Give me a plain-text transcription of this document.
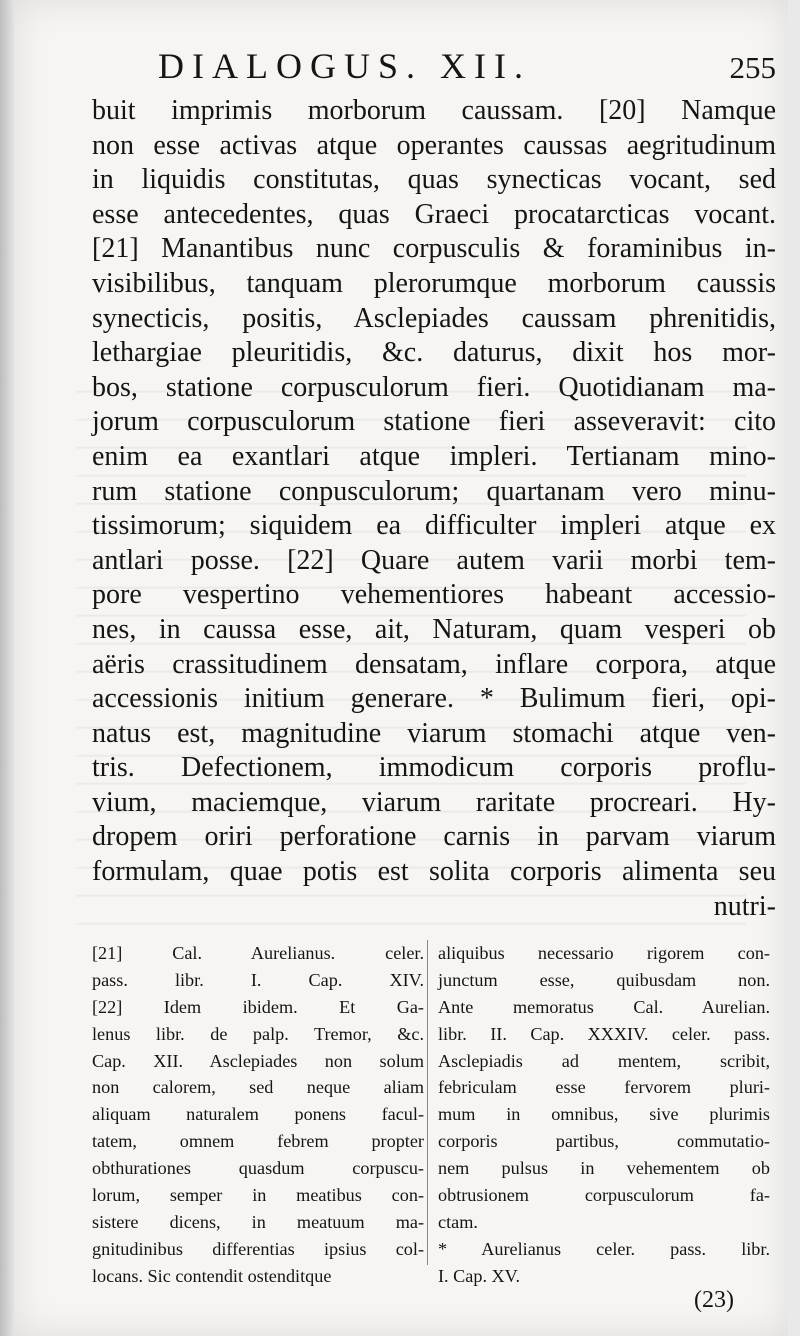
DIALOGUS. XII.	255
buit imprimis morborum caussam. [20] Namque
non esse activas atque operantes caussas aegritudinum
in liquidis constitutas, quas synecticas vocant, sed
esse antecedentes, quas Graeci procatarcticas vocant.
[21] Manantibus nunc corpusculis & foraminibus in-
visibilibus, tanquam plerorumque morborum caussis
synecticis, positis, Asclepiades caussam phrenitidis,
lethargiae pleuritidis, &c. daturus, dixit hos mor-
bos, statione corpusculorum fieri. Quotidianam ma-
jorum corpusculorum statione fieri asseveravit: cito
enim ea exantlari atque impleri. Tertianam mino-
rum statione conpusculorum; quartanam vero minu-
tissimorum; siquidem ea difficulter impleri atque ex
antlari posse. [22] Quare autem varii morbi tem-
pore vespertino vehementiores habeant accessio-
nes, in caussa esse, ait, Naturam, quam vesperi ob
aëris crassitudinem densatam, inflare corpora, atque
accessionis initium generare. * Bulimum fieri, opi-
natus est, magnitudine viarum stomachi atque ven-
tris. Defectionem, immodicum corporis proflu-
vium, maciemque, viarum raritate procreari. Hy-
dropem oriri perforatione carnis in parvam viarum
formulam, quae potis est solita corporis alimenta seu
nutri-
[21] Cal. Aurelianus. celer.
pass. libr. I. Cap. XIV.
[22] Idem ibidem. Et Ga-
lenus libr. de palp. Tremor, &c.
Cap. XII. Asclepiades non solum
non calorem, sed neque aliam
aliquam naturalem ponens facul-
tatem, omnem febrem propter
obthurationes quasdum corpuscu-
lorum, semper in meatibus con-
sistere dicens, in meatuum ma-
gnitudinibus differentias ipsius col-
locans. Sic contendit ostenditque
aliquibus necessario rigorem con-
junctum esse, quibusdam non.
Ante memoratus Cal. Aurelian.
libr. II. Cap. XXXIV. celer. pass.
Asclepiadis ad mentem, scribit,
febriculam esse fervorem pluri-
mum in omnibus, sive plurimis
corporis partibus, commutatio-
nem pulsus in vehementem ob
obtrusionem corpusculorum fa-
ctam.
* Aurelianus celer. pass. libr.
I. Cap. XV.
(23)
